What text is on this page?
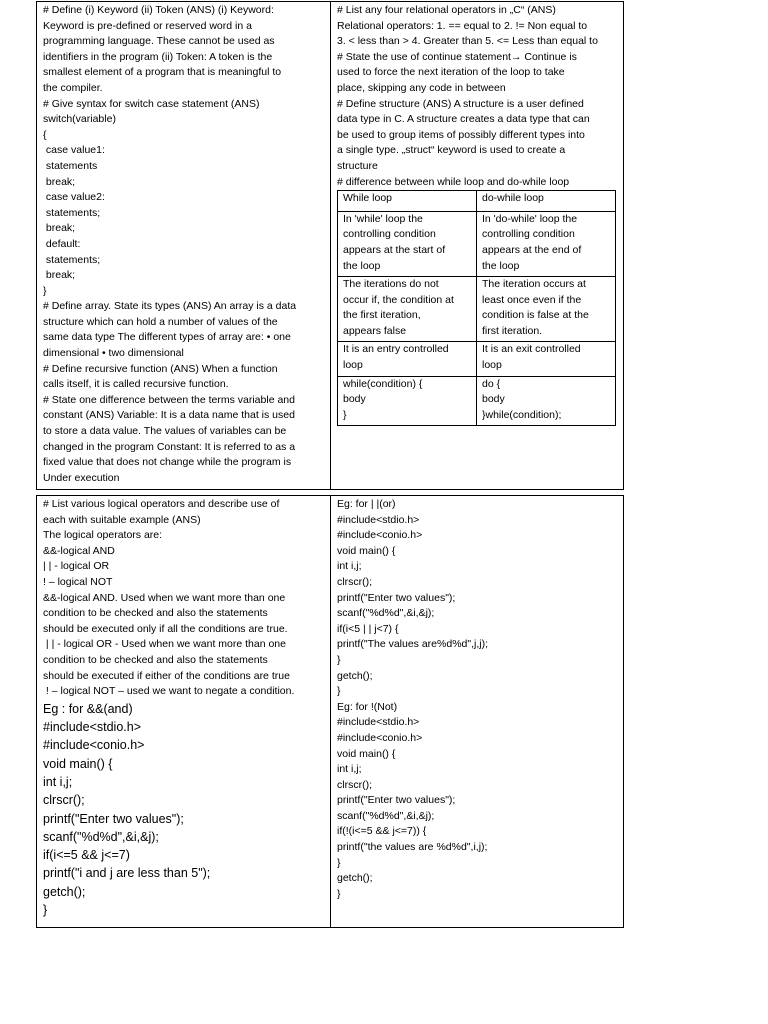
# Define (i) Keyword (ii) Token (ANS) (i) Keyword:
Keyword is pre-defined or reserved word in a
programming language. These cannot be used as
identifiers in the program (ii) Token: A token is the
smallest element of a program that is meaningful to
the compiler.
# Give syntax for switch case statement (ANS)
switch(variable)
{
case value1:
statements
break;
case value2:
statements;
break;
default:
statements;
break;
}
# Define array. State its types (ANS) An array is a data
structure which can hold a number of values of the
same data type The different types of array are: • one
dimensional • two dimensional
# Define recursive function (ANS) When a function
calls itself, it is called recursive function.
# State one difference between the terms variable and
constant (ANS) Variable: It is a data name that is used
to store a data value. The values of variables can be
changed in the program Constant: It is referred to as a
fixed value that does not change while the program is
Under execution
# List any four relational operators in „C“ (ANS)
Relational operators: 1. == equal to 2. != Non equal to
3. < less than > 4. Greater than 5. <= Less than equal to
# State the use of continue statement→ Continue is
used to force the next iteration of the loop to take
place, skipping any code in between
# Define structure (ANS) A structure is a user defined
data type in C. A structure creates a data type that can
be used to group items of possibly different types into
a single type. „struct“ keyword is used to create a
structure
# difference between while loop and do-while loop
While loop	do-while loop
In 'while' loop the
controlling condition
appears at the start of
the loop	In 'do-while' loop the
controlling condition
appears at the end of
the loop
The iterations do not
occur if, the condition at
the first iteration,
appears false	The iteration occurs at
least once even if the
condition is false at the
first iteration.
It is an entry controlled
loop	It is an exit controlled
loop
while(condition) {
body
}	do {
body
}while(condition);
# List various logical operators and describe use of
each with suitable example (ANS)
The logical operators are:
&&-logical AND
| | - logical OR
! – logical NOT
&&-logical AND. Used when we want more than one
condition to be checked and also the statements
should be executed only if all the conditions are true.
| | - logical OR - Used when we want more than one
condition to be checked and also the statements
should be executed if either of the conditions are true
! – logical NOT – used we want to negate a condition.
Eg : for &&(and)
#include<stdio.h>
#include<conio.h>
void main() {
int i,j;
clrscr();
printf("Enter two values");
scanf("%d%d",&i,&j);
if(i<=5 && j<=7)
printf("i and j are less than 5");
getch();
}
Eg: for | |(or)
#include<stdio.h>
#include<conio.h>
void main() {
int i,j;
clrscr();
printf("Enter two values");
scanf("%d%d",&i,&j);
if(i<5 | | j<7) {
printf("The values are%d%d",j,j);
}
getch();
}
Eg: for !(Not)
#include<stdio.h>
#include<conio.h>
void main() {
int i,j;
clrscr();
printf("Enter two values");
scanf("%d%d",&i,&j);
if(!(i<=5 && j<=7)) {
printf("the values are %d%d",i,j);
}
getch();
}
